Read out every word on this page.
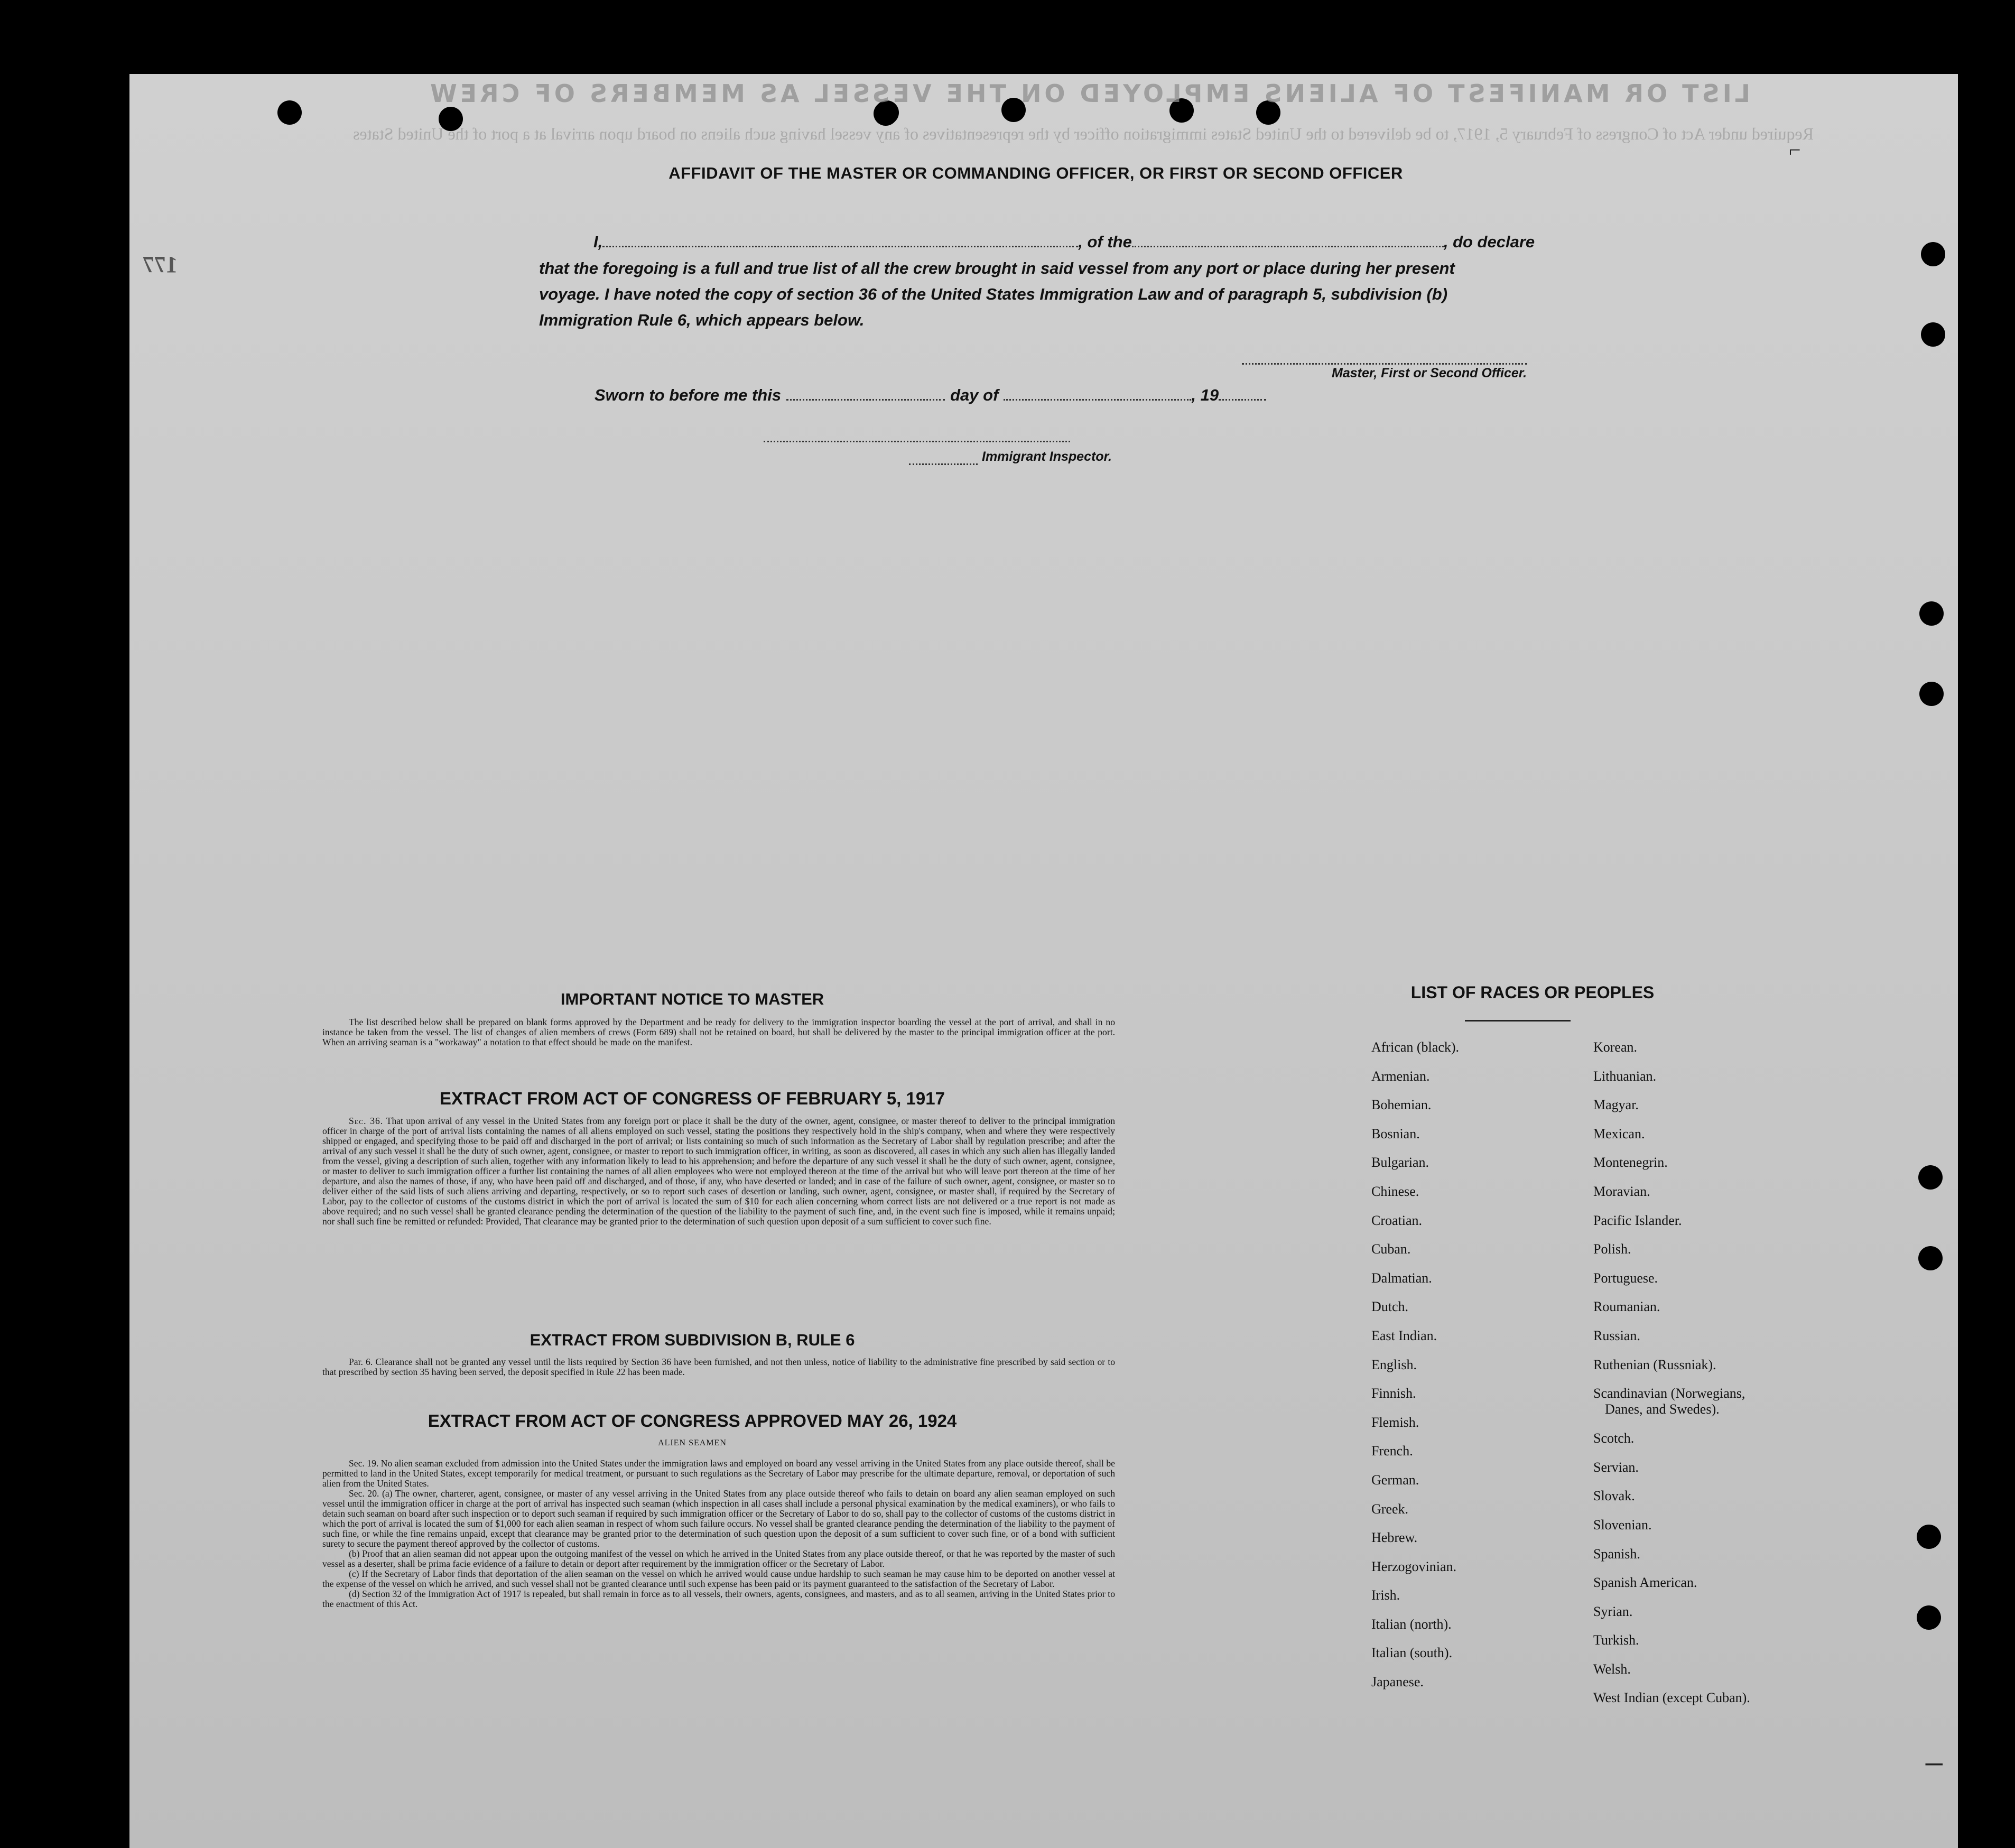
LIST OR MANIFEST OF ALIENS EMPLOYED ON THE VESSEL AS MEMBERS OF CREW
Required under Act of Congress of February 5, 1917, to be delivered to the United States immigration officer by the representatives of any vessel having such aliens on board upon arrival at a port of the United States
177
⌐
−
AFFIDAVIT OF THE MASTER OR COMMANDING OFFICER, OR FIRST OR SECOND OFFICER
I,	, of the	, do declare
that the foregoing is a full and true list of all the crew brought in said vessel from any port or place during her present
voyage. I have noted the copy of section 36 of the United States Immigration Law and of paragraph 5, subdivision (b)
Immigration Rule 6, which appears below.
Master, First or Second Officer.
Sworn to before me this	day of	, 19
Immigrant Inspector.
IMPORTANT NOTICE TO MASTER

The list described below shall be prepared on blank forms approved by the Department and be ready for delivery to the immigration inspector boarding the vessel at the port of arrival, and shall in no instance be taken from the vessel. The list of changes of alien members of crews (Form 689) shall not be retained on board, but shall be delivered by the master to the principal immigration officer at the port. When an arriving seaman is a "workaway" a notation to that effect should be made on the manifest.

EXTRACT FROM ACT OF CONGRESS OF FEBRUARY 5, 1917

Sec. 36. That upon arrival of any vessel in the United States from any foreign port or place it shall be the duty of the owner, agent, consignee, or master thereof to deliver to the principal immigration officer in charge of the port of arrival lists containing the names of all aliens employed on such vessel, stating the positions they respectively hold in the ship's company, when and where they were respectively shipped or engaged, and specifying those to be paid off and discharged in the port of arrival; or lists containing so much of such information as the Secretary of Labor shall by regulation prescribe; and after the arrival of any such vessel it shall be the duty of such owner, agent, consignee, or master to report to such immigration officer, in writing, as soon as discovered, all cases in which any such alien has illegally landed from the vessel, giving a description of such alien, together with any information likely to lead to his apprehension; and before the departure of any such vessel it shall be the duty of such owner, agent, consignee, or master to deliver to such immigration officer a further list containing the names of all alien employees who were not employed thereon at the time of the arrival but who will leave port thereon at the time of her departure, and also the names of those, if any, who have been paid off and discharged, and of those, if any, who have deserted or landed; and in case of the failure of such owner, agent, consignee, or master so to deliver either of the said lists of such aliens arriving and departing, respectively, or so to report such cases of desertion or landing, such owner, agent, consignee, or master shall, if required by the Secretary of Labor, pay to the collector of customs of the customs district in which the port of arrival is located the sum of $10 for each alien concerning whom correct lists are not delivered or a true report is not made as above required; and no such vessel shall be granted clearance pending the determination of the question of the liability to the payment of such fine, and, in the event such fine is imposed, while it remains unpaid; nor shall such fine be remitted or refunded: Provided, That clearance may be granted prior to the determination of such question upon deposit of a sum sufficient to cover such fine.

EXTRACT FROM SUBDIVISION B, RULE 6

Par. 6. Clearance shall not be granted any vessel until the lists required by Section 36 have been furnished, and not then unless, notice of liability to the administrative fine prescribed by said section or to that prescribed by section 35 having been served, the deposit specified in Rule 22 has been made.

EXTRACT FROM ACT OF CONGRESS APPROVED MAY 26, 1924
ALIEN SEAMEN

Sec. 19. No alien seaman excluded from admission into the United States under the immigration laws and employed on board any vessel arriving in the United States from any place outside thereof, shall be permitted to land in the United States, except temporarily for medical treatment, or pursuant to such regulations as the Secretary of Labor may prescribe for the ultimate departure, removal, or deportation of such alien from the United States.

Sec. 20. (a) The owner, charterer, agent, consignee, or master of any vessel arriving in the United States from any place outside thereof who fails to detain on board any alien seaman employed on such vessel until the immigration officer in charge at the port of arrival has inspected such seaman (which inspection in all cases shall include a personal physical examination by the medical examiners), or who fails to detain such seaman on board after such inspection or to deport such seaman if required by such immigration officer or the Secretary of Labor to do so, shall pay to the collector of customs of the customs district in which the port of arrival is located the sum of $1,000 for each alien seaman in respect of whom such failure occurs. No vessel shall be granted clearance pending the determination of the liability to the payment of such fine, or while the fine remains unpaid, except that clearance may be granted prior to the determination of such question upon the deposit of a sum sufficient to cover such fine, or of a bond with sufficient surety to secure the payment thereof approved by the collector of customs.

(b) Proof that an alien seaman did not appear upon the outgoing manifest of the vessel on which he arrived in the United States from any place outside thereof, or that he was reported by the master of such vessel as a deserter, shall be prima facie evidence of a failure to detain or deport after requirement by the immigration officer or the Secretary of Labor.

(c) If the Secretary of Labor finds that deportation of the alien seaman on the vessel on which he arrived would cause undue hardship to such seaman he may cause him to be deported on another vessel at the expense of the vessel on which he arrived, and such vessel shall not be granted clearance until such expense has been paid or its payment guaranteed to the satisfaction of the Secretary of Labor.

(d) Section 32 of the Immigration Act of 1917 is repealed, but shall remain in force as to all vessels, their owners, agents, consignees, and masters, and as to all seamen, arriving in the United States prior to the enactment of this Act.

LIST OF RACES OR PEOPLES
African (black).
Armenian.
Bohemian.
Bosnian.
Bulgarian.
Chinese.
Croatian.
Cuban.
Dalmatian.
Dutch.
East Indian.
English.
Finnish.
Flemish.
French.
German.
Greek.
Hebrew.
Herzogovinian.
Irish.
Italian (north).
Italian (south).
Japanese.
Korean.
Lithuanian.
Magyar.
Mexican.
Montenegrin.
Moravian.
Pacific Islander.
Polish.
Portuguese.
Roumanian.
Russian.
Ruthenian (Russniak).
Scandinavian (Norwegians,
Danes, and Swedes).
Scotch.
Servian.
Slovak.
Slovenian.
Spanish.
Spanish American.
Syrian.
Turkish.
Welsh.
West Indian (except Cuban).
